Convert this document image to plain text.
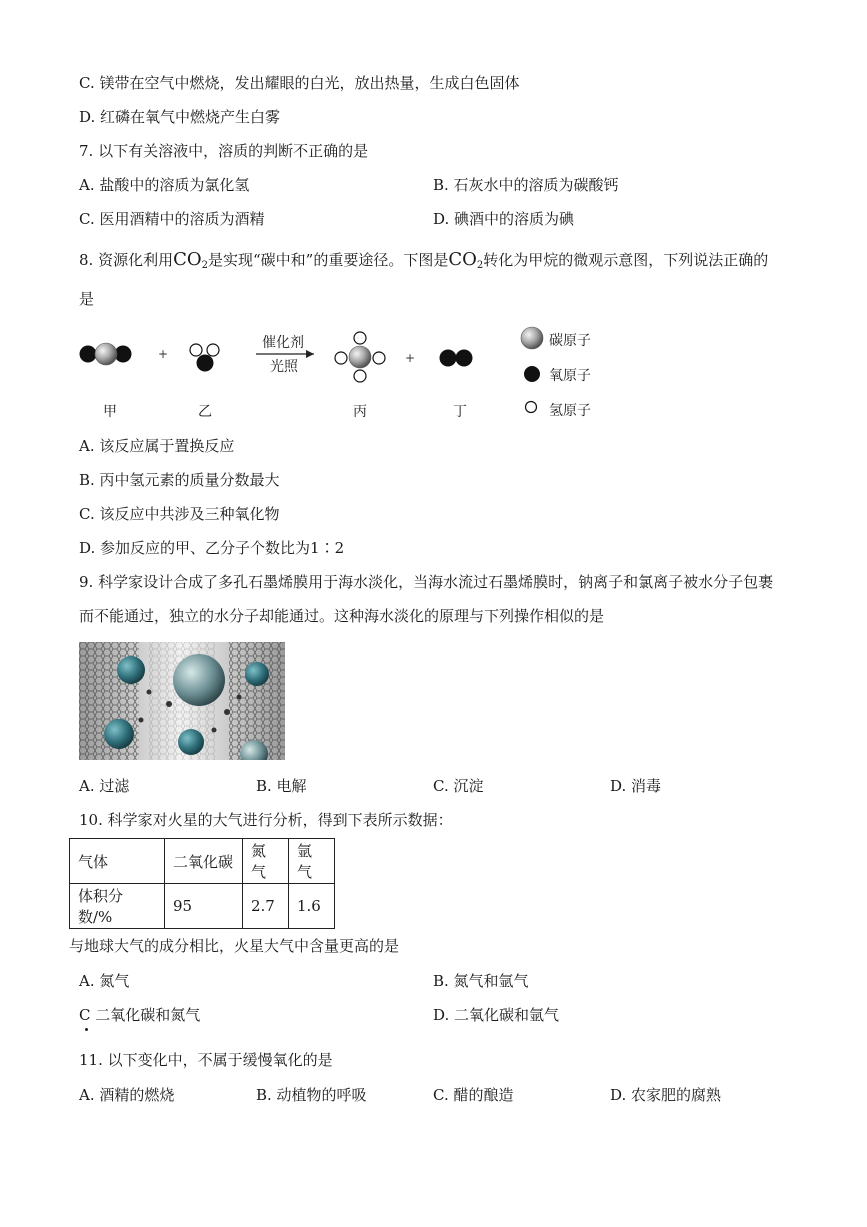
C. 镁带在空气中燃烧，发出耀眼的白光，放出热量，生成白色固体
D. 红磷在氧气中燃烧产生白雾
7. 以下有关溶液中，溶质的判断不正确的是
A. 盐酸中的溶质为氯化氢	B. 石灰水中的溶质为碳酸钙
C. 医用酒精中的溶质为酒精	D. 碘酒中的溶质为碘
8. 资源化利用$CO_2$是实现“碳中和”的重要途径。下图是$CO_2$转化为甲烷的微观示意图，下列说法正确的
是
+
催化剂
光照
+
碳原子
氧原子
氢原子
甲	乙	丙	丁
A. 该反应属于置换反应
B. 丙中氢元素的质量分数最大
C. 该反应中共涉及三种氧化物
D. 参加反应的甲、乙分子个数比为1∶2
9. 科学家设计合成了多孔石墨烯膜用于海水淡化，当海水流过石墨烯膜时，钠离子和氯离子被水分子包裹
而不能通过，独立的水分子却能通过。这种海水淡化的原理与下列操作相似的是
A. 过滤	B. 电解	C. 沉淀	D. 消毒
10. 科学家对火星的大气进行分析，得到下表所示数据：
气体	二氧化碳	氮气	氩气
体积分数/%	95	2.7	1.6
与地球大气的成分相比，火星大气中含量更高的是
A. 氮气	B. 氮气和氩气
C 二氧化碳和氮气	D. 二氧化碳和氩气
11. 以下变化中，不属于缓慢氧化的是
A. 酒精的燃烧	B. 动植物的呼吸	C. 醋的酿造	D. 农家肥的腐熟
